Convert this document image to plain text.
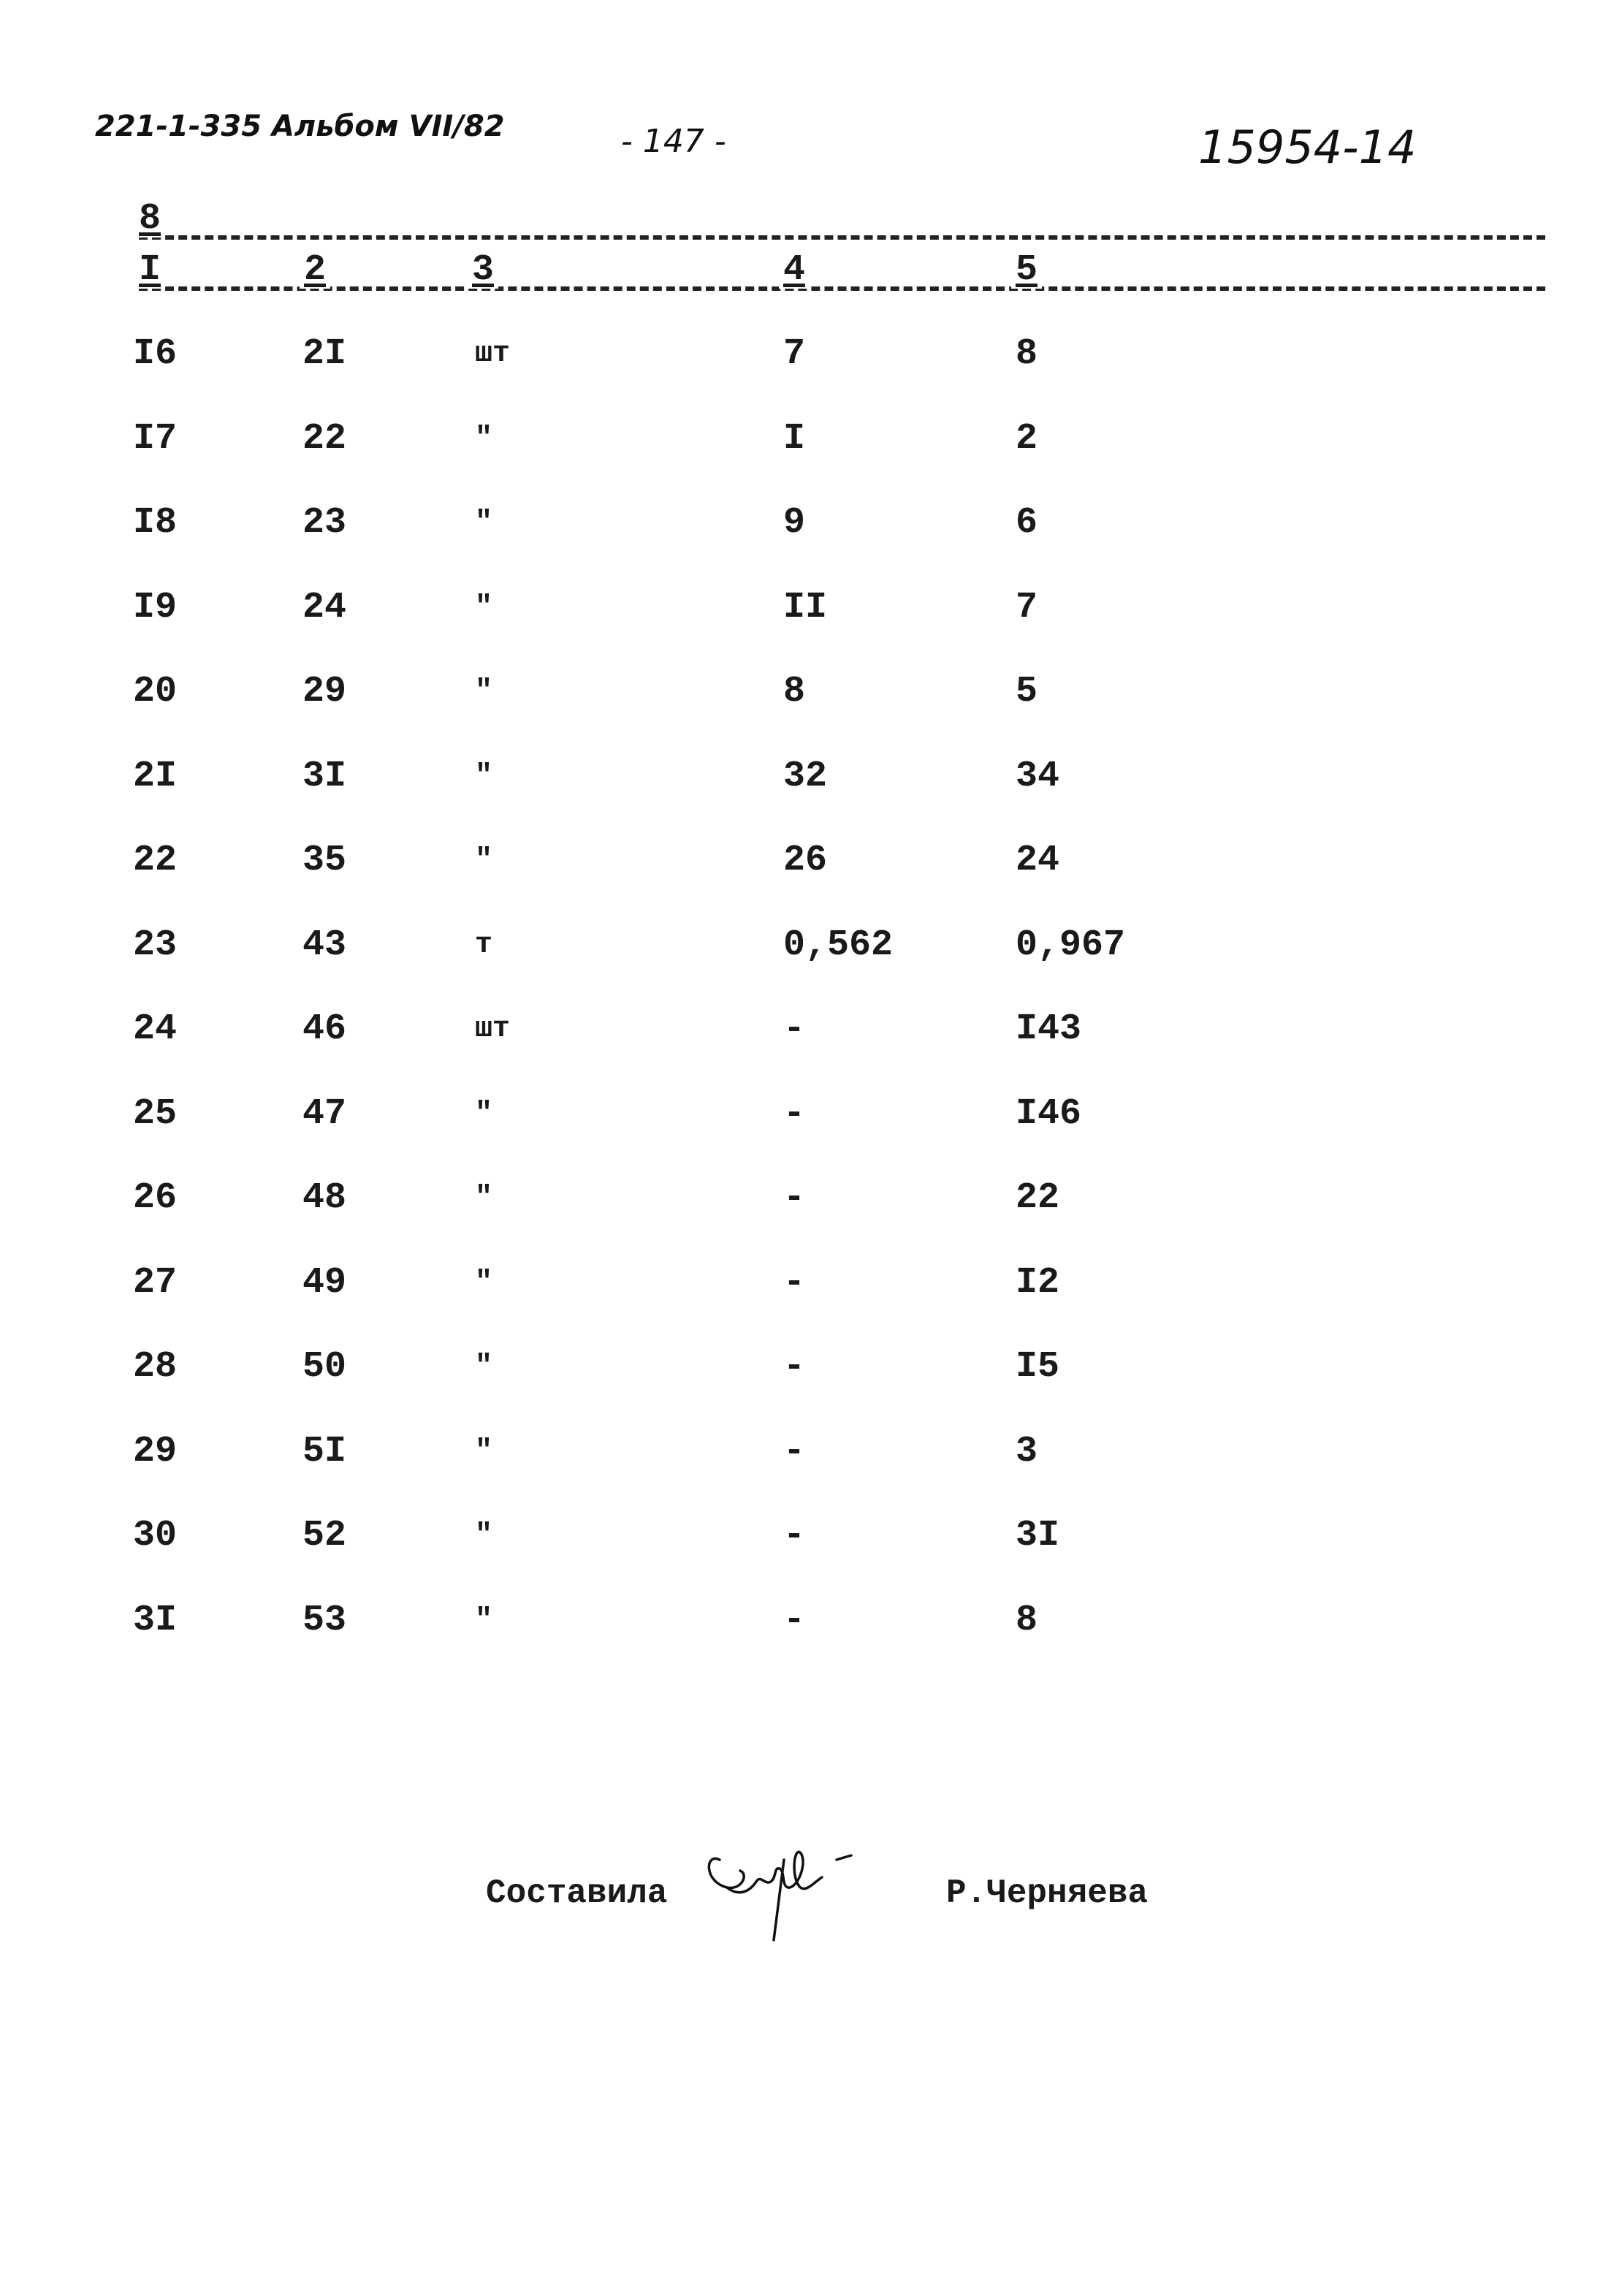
221-1-335 Альбом VII/82	- 147 -	15954-14
8
I	2	3	4	5
I6	2I	шт	7	8
I7	22	"	I	2
I8	23	"	9	6
I9	24	"	II	7
20	29	"	8	5
2I	3I	"	32	34
22	35	"	26	24
23	43	т	0,562	0,967
24	46	шт	-	I43
25	47	"	-	I46
26	48	"	-	22
27	49	"	-	I2
28	50	"	-	I5
29	5I	"	-	3
30	52	"	-	3I
3I	53	"	-	8
Составила	Р.Черняева
